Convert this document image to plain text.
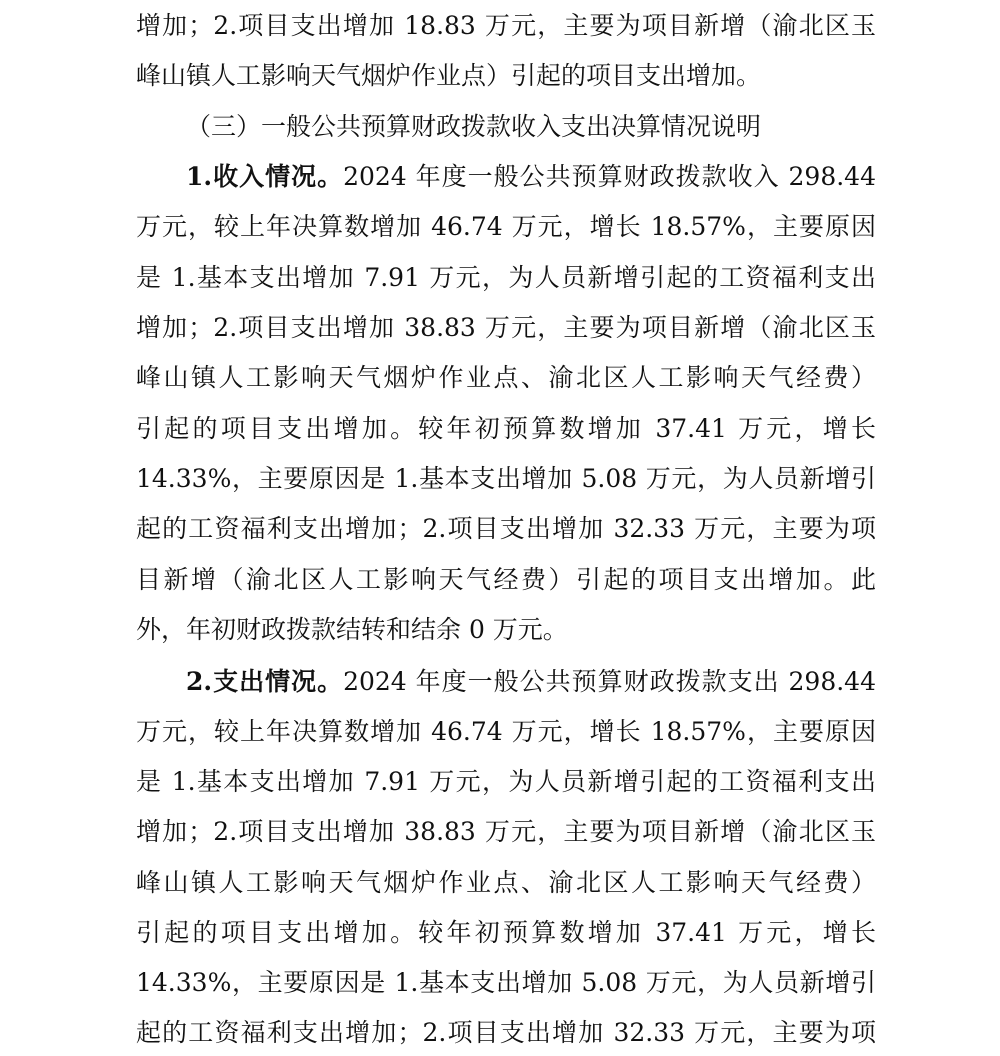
增加；2.项目支出增加 18.83 万元，主要为项目新增（渝北区玉
峰山镇人工影响天气烟炉作业点）引起的项目支出增加。
（三）一般公共预算财政拨款收入支出决算情况说明
1.收入情况。2024 年度一般公共预算财政拨款收入 298.44
万元，较上年决算数增加 46.74 万元，增长 18.57%，主要原因
是 1.基本支出增加 7.91 万元，为人员新增引起的工资福利支出
增加；2.项目支出增加 38.83 万元，主要为项目新增（渝北区玉
峰山镇人工影响天气烟炉作业点、渝北区人工影响天气经费）
引起的项目支出增加。较年初预算数增加 37.41 万元，增长
14.33%，主要原因是 1.基本支出增加 5.08 万元，为人员新增引
起的工资福利支出增加；2.项目支出增加 32.33 万元，主要为项
目新增（渝北区人工影响天气经费）引起的项目支出增加。此
外，年初财政拨款结转和结余 0 万元。
2.支出情况。2024 年度一般公共预算财政拨款支出 298.44
万元，较上年决算数增加 46.74 万元，增长 18.57%，主要原因
是 1.基本支出增加 7.91 万元，为人员新增引起的工资福利支出
增加；2.项目支出增加 38.83 万元，主要为项目新增（渝北区玉
峰山镇人工影响天气烟炉作业点、渝北区人工影响天气经费）
引起的项目支出增加。较年初预算数增加 37.41 万元，增长
14.33%，主要原因是 1.基本支出增加 5.08 万元，为人员新增引
起的工资福利支出增加；2.项目支出增加 32.33 万元，主要为项
